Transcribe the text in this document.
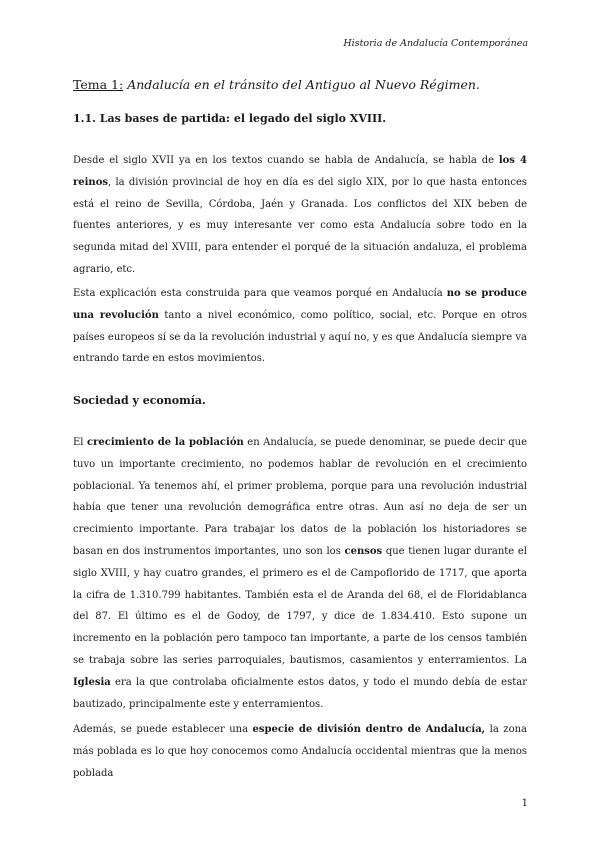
Historia de Andalucía Contemporánea
Tema 1: Andalucía en el tránsito del Antiguo al Nuevo Régimen.
1.1. Las bases de partida: el legado del siglo XVIII.

Desde el siglo XVII ya en los textos cuando se habla de Andalucía, se habla de los 4 reinos, la división provincial de hoy en día es del siglo XIX, por lo que hasta entonces está el reino de Sevilla, Córdoba, Jaén y Granada. Los conflictos del XIX beben de fuentes anteriores, y es muy interesante ver como esta Andalucía sobre todo en la segunda mitad del XVIII, para entender el porqué de la situación andaluza, el problema agrario, etc.

Esta explicación esta construida para que veamos porqué en Andalucía no se produce una revolución tanto a nivel económico, como político, social, etc. Porque en otros países europeos sí se da la revolución industrial y aquí no, y es que Andalucía siempre va entrando tarde en estos movimientos.

Sociedad y economía.

El crecimiento de la población en Andalucía, se puede denominar, se puede decir que tuvo un importante crecimiento, no podemos hablar de revolución en el crecimiento poblacional. Ya tenemos ahí, el primer problema, porque para una revolución industrial había que tener una revolución demográfica entre otras. Aun así no deja de ser un crecimiento importante. Para trabajar los datos de la población los historiadores se basan en dos instrumentos importantes, uno son los censos que tienen lugar durante el siglo XVIII, y hay cuatro grandes, el primero es el de Campoflorido de 1717, que aporta la cifra de 1.310.799 habitantes. También esta el de Aranda del 68, el de Floridablanca del 87. El último es el de Godoy, de 1797, y dice de 1.834.410. Esto supone un incremento en la población pero tampoco tan importante, a parte de los censos también se trabaja sobre las series parroquiales, bautismos, casamientos y enterramientos. La Iglesia era la que controlaba oficialmente estos datos, y todo el mundo debía de estar bautizado, principalmente este y enterramientos.

Además, se puede establecer una especie de división dentro de Andalucía, la zona más poblada es lo que hoy conocemos como Andalucía occidental mientras que la menos poblada

1
